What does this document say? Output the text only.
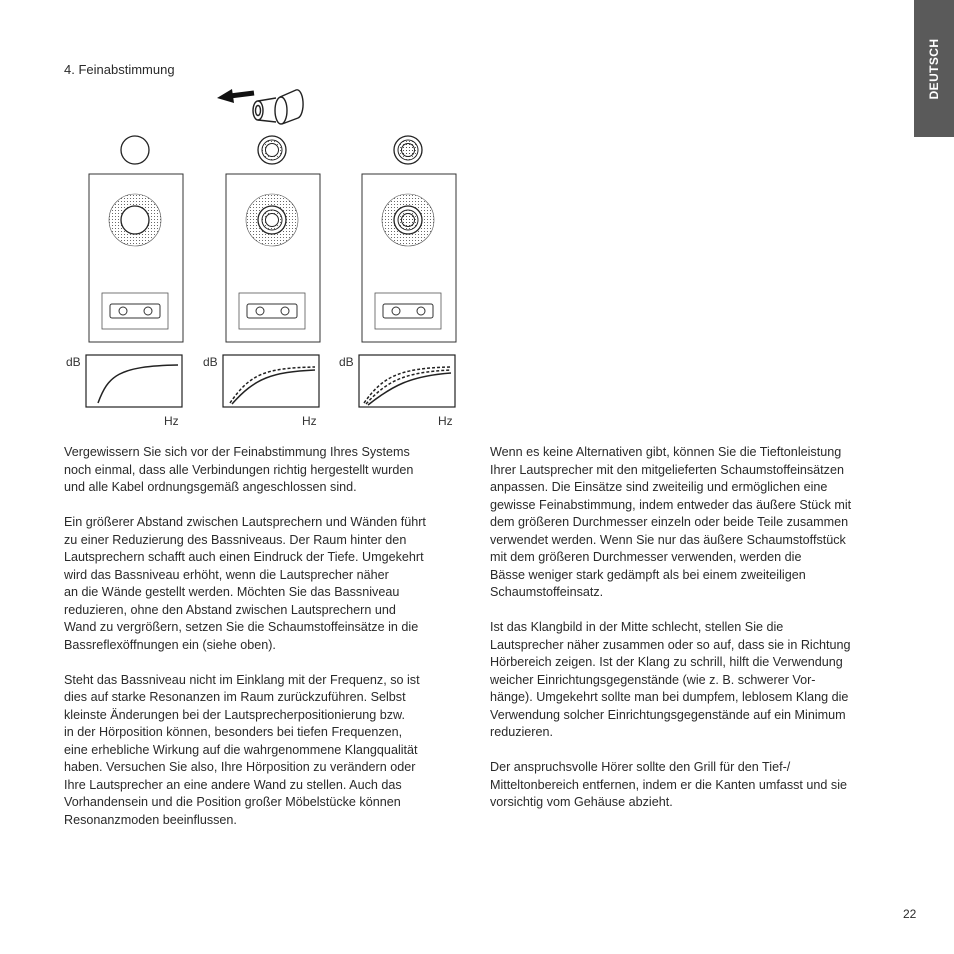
DEUTSCH
4. Feinabstimmung
dB
Hz
dB
Hz
dB
Hz

Vergewissern Sie sich vor der Feinabstimmung Ihres Systems
noch einmal, dass alle Verbindungen richtig hergestellt wurden
und alle Kabel ordnungsgemäß angeschlossen sind.

Ein größerer Abstand zwischen Lautsprechern und Wänden führt
zu einer Reduzierung des Bassniveaus. Der Raum hinter den
Lautsprechern schafft auch einen Eindruck der Tiefe. Umgekehrt
wird das Bassniveau erhöht, wenn die Lautsprecher näher
an die Wände gestellt werden. Möchten Sie das Bassniveau
reduzieren, ohne den Abstand zwischen Lautsprechern und
Wand zu vergrößern, setzen Sie die Schaumstoffeinsätze in die
Bassreflexöffnungen ein (siehe oben).

Steht das Bassniveau nicht im Einklang mit der Frequenz, so ist
dies auf starke Resonanzen im Raum zurückzuführen. Selbst
kleinste Änderungen bei der Lautsprecherpositionierung bzw.
in der Hörposition können, besonders bei tiefen Frequenzen,
eine erhebliche Wirkung auf die wahrgenommene Klangqualität
haben. Versuchen Sie also, Ihre Hörposition zu verändern oder
Ihre Lautsprecher an eine andere Wand zu stellen. Auch das
Vorhandensein und die Position großer Möbelstücke können
Resonanzmoden beeinflussen.

Wenn es keine Alternativen gibt, können Sie die Tieftonleistung
Ihrer Lautsprecher mit den mitgelieferten Schaumstoffeinsätzen
anpassen. Die Einsätze sind zweiteilig und ermöglichen eine
gewisse Feinabstimmung, indem entweder das äußere Stück mit
dem größeren Durchmesser einzeln oder beide Teile zusammen
verwendet werden. Wenn Sie nur das äußere Schaumstoffstück
mit dem größeren Durchmesser verwenden, werden die
Bässe weniger stark gedämpft als bei einem zweiteiligen
Schaumstoffeinsatz.

Ist das Klangbild in der Mitte schlecht, stellen Sie die
Lautsprecher näher zusammen oder so auf, dass sie in Richtung
Hörbereich zeigen. Ist der Klang zu schrill, hilft die Verwendung
weicher Einrichtungsgegenstände (wie z. B. schwerer Vor-
hänge). Umgekehrt sollte man bei dumpfem, leblosem Klang die
Verwendung solcher Einrichtungsgegenstände auf ein Minimum
reduzieren.

Der anspruchsvolle Hörer sollte den Grill für den Tief-/
Mitteltonbereich entfernen, indem er die Kanten umfasst und sie
vorsichtig vom Gehäuse abzieht.

22
